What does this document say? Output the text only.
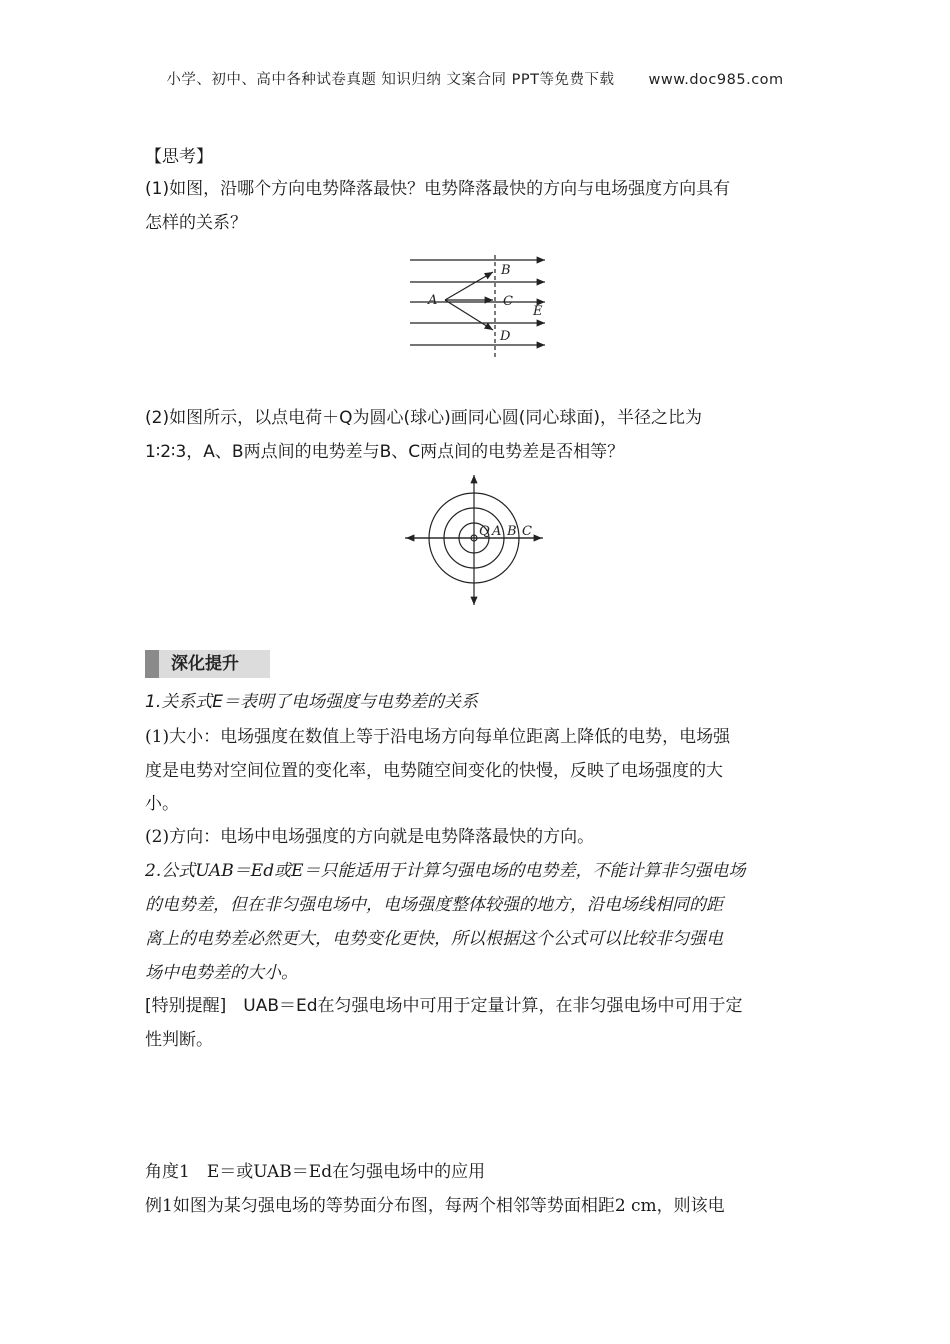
小学、初中、高中各种试卷真题 知识归纳 文案合同 PPT等免费下载 www.doc985.com
【思考】
(1)如图，沿哪个方向电势降落最快？电势降落最快的方向与电场强度方向具有
怎样的关系？
A
B
C
D
E
(2)如图所示，以点电荷＋Q为圆心(球心)画同心圆(同心球面)，半径之比为
1∶2∶3，A、B两点间的电势差与B、C两点间的电势差是否相等？
Q A B C
深化提升
1.关系式E＝表明了电场强度与电势差的关系
(1)大小：电场强度在数值上等于沿电场方向每单位距离上降低的电势，电场强
度是电势对空间位置的变化率，电势随空间变化的快慢，反映了电场强度的大
小。
(2)方向：电场中电场强度的方向就是电势降落最快的方向。
2.公式UAB＝Ed或E＝只能适用于计算匀强电场的电势差，不能计算非匀强电场
的电势差，但在非匀强电场中，电场强度整体较强的地方，沿电场线相同的距
离上的电势差必然更大，电势变化更快，所以根据这个公式可以比较非匀强电
场中电势差的大小。
[特别提醒]　UAB＝Ed在匀强电场中可用于定量计算，在非匀强电场中可用于定
性判断。
角度1　E＝或UAB＝Ed在匀强电场中的应用
例1如图为某匀强电场的等势面分布图，每两个相邻等势面相距2 cm，则该电
